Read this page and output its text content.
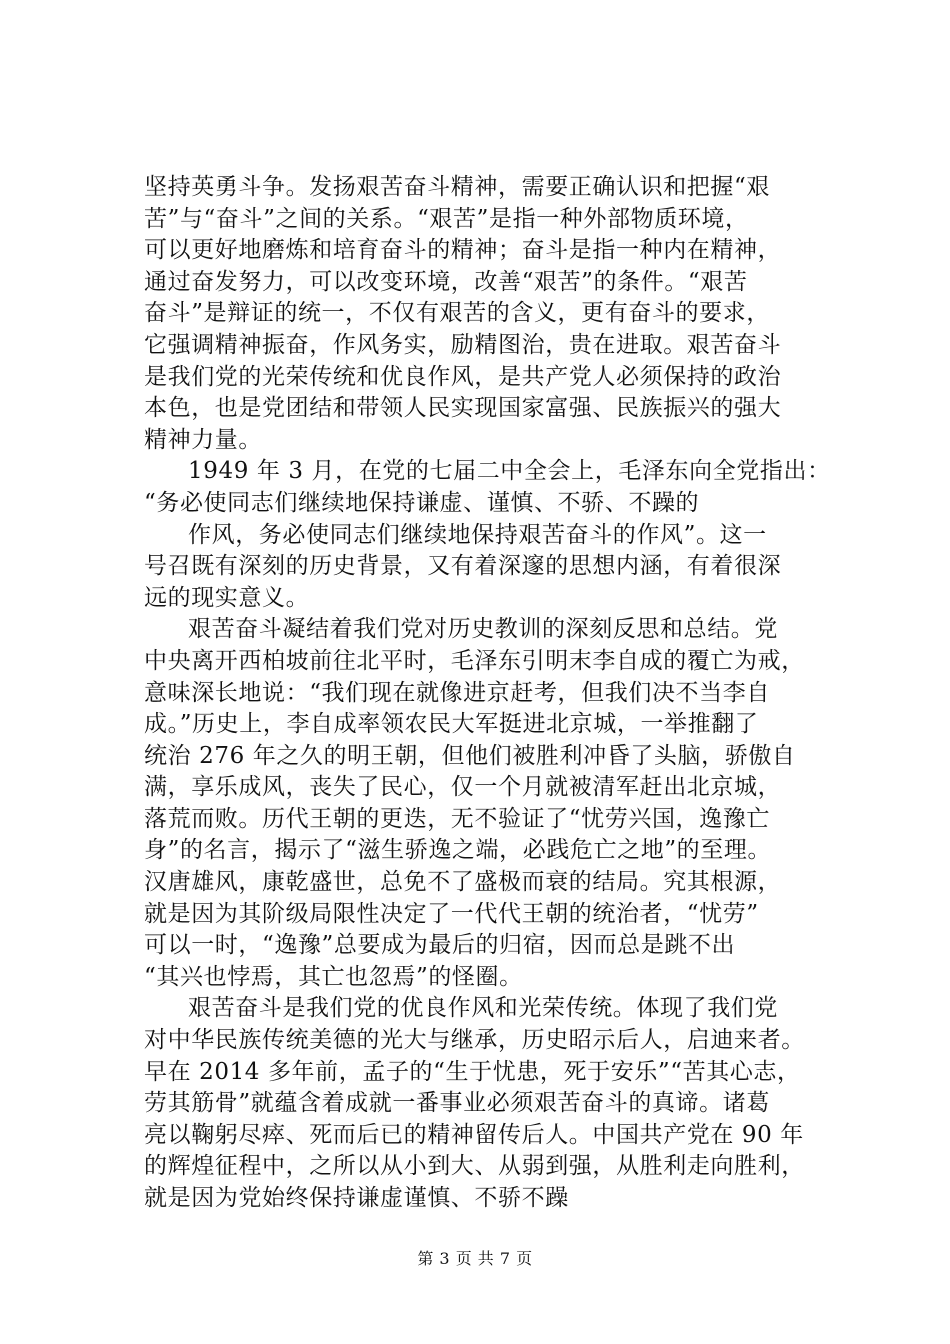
坚持英勇斗争。发扬艰苦奋斗精神，需要正确认识和把握“艰
苦”与“奋斗”之间的关系。“艰苦”是指一种外部物质环境，
可以更好地磨炼和培育奋斗的精神；奋斗是指一种内在精神，
通过奋发努力，可以改变环境，改善“艰苦”的条件。“艰苦
奋斗”是辩证的统一，不仅有艰苦的含义，更有奋斗的要求，
它强调精神振奋，作风务实，励精图治，贵在进取。艰苦奋斗
是我们党的光荣传统和优良作风，是共产党人必须保持的政治
本色，也是党团结和带领人民实现国家富强、民族振兴的强大
精神力量。
1949 年 3 月，在党的七届二中全会上，毛泽东向全党指出：
“务必使同志们继续地保持谦虚、谨慎、不骄、不躁的
作风，务必使同志们继续地保持艰苦奋斗的作风”。这一
号召既有深刻的历史背景，又有着深邃的思想内涵，有着很深
远的现实意义。
艰苦奋斗凝结着我们党对历史教训的深刻反思和总结。党
中央离开西柏坡前往北平时，毛泽东引明末李自成的覆亡为戒，
意味深长地说：“我们现在就像进京赶考，但我们决不当李自
成。”历史上，李自成率领农民大军挺进北京城，一举推翻了
统治 276 年之久的明王朝，但他们被胜利冲昏了头脑，骄傲自
满，享乐成风，丧失了民心，仅一个月就被清军赶出北京城，
落荒而败。历代王朝的更迭，无不验证了“忧劳兴国，逸豫亡
身”的名言，揭示了“滋生骄逸之端，必践危亡之地”的至理。
汉唐雄风，康乾盛世，总免不了盛极而衰的结局。究其根源，
就是因为其阶级局限性决定了一代代王朝的统治者，“忧劳”
可以一时，“逸豫”总要成为最后的归宿，因而总是跳不出
“其兴也悖焉，其亡也忽焉”的怪圈。
艰苦奋斗是我们党的优良作风和光荣传统。体现了我们党
对中华民族传统美德的光大与继承，历史昭示后人，启迪来者。
早在 2014 多年前，孟子的“生于忧患，死于安乐”“苦其心志，
劳其筋骨”就蕴含着成就一番事业必须艰苦奋斗的真谛。诸葛
亮以鞠躬尽瘁、死而后已的精神留传后人。中国共产党在 90 年
的辉煌征程中，之所以从小到大、从弱到强，从胜利走向胜利，
就是因为党始终保持谦虚谨慎、不骄不躁
第 3 页 共 7 页
